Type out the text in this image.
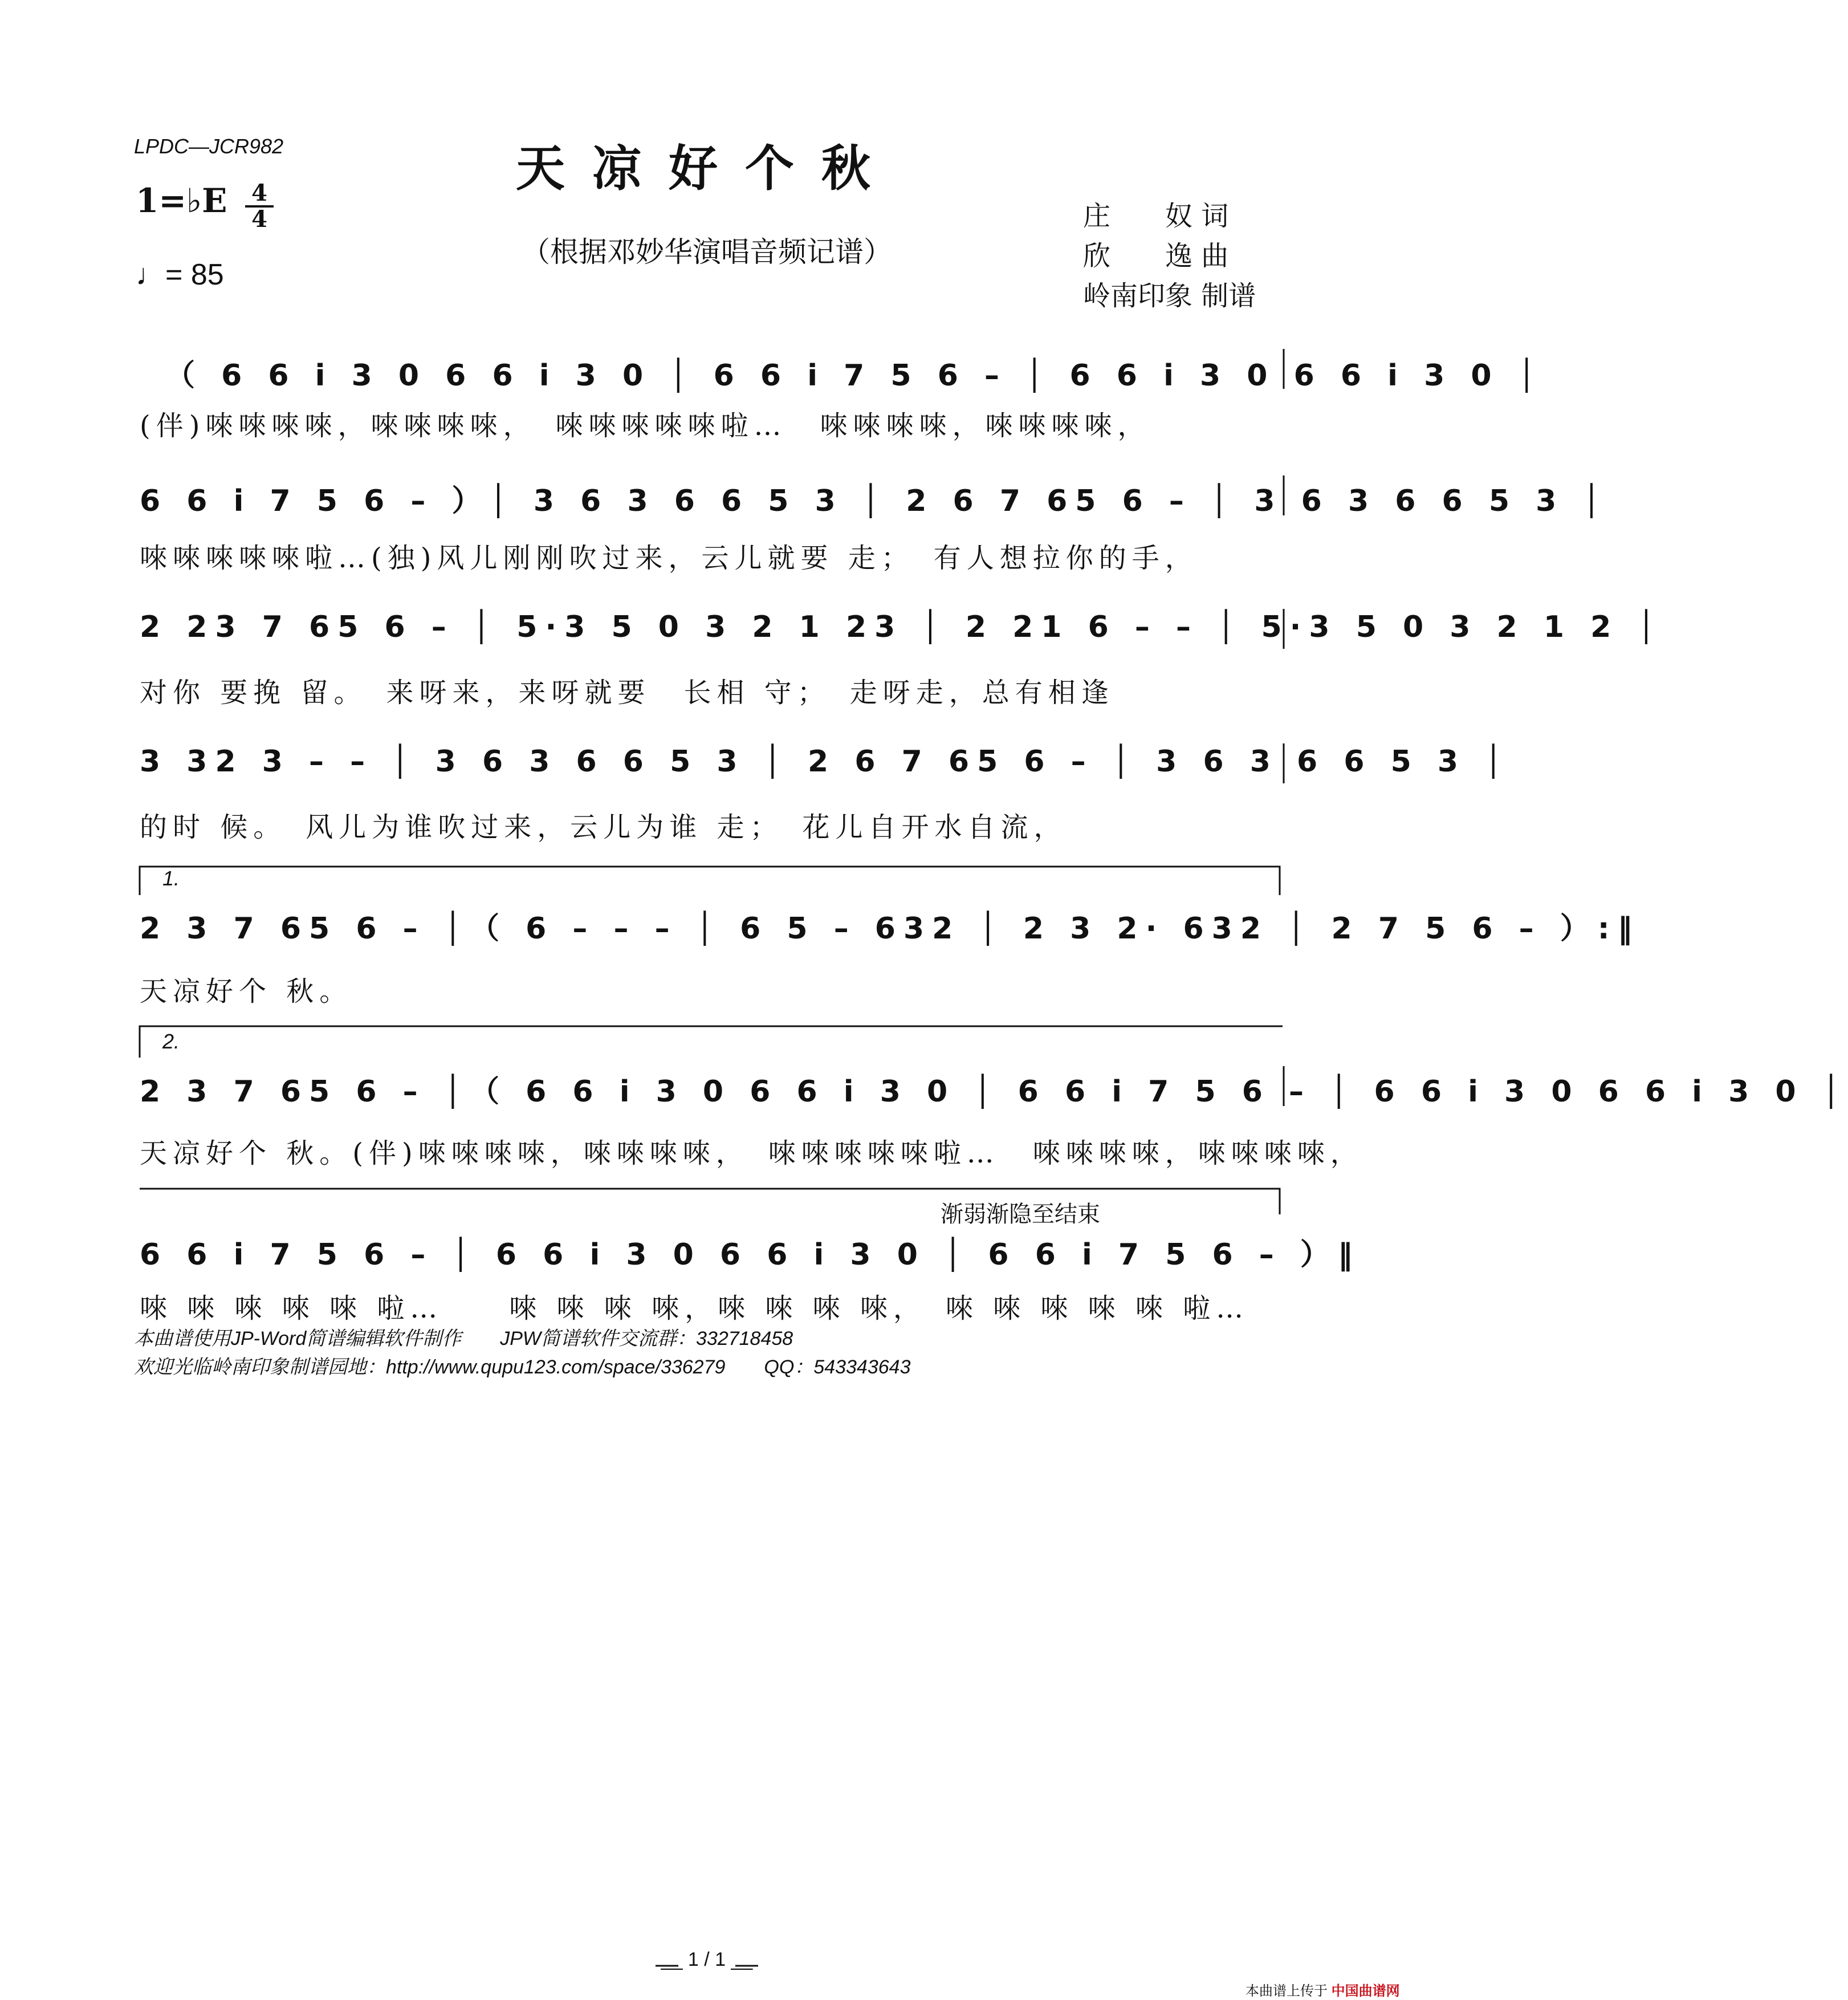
LPDC—JCR982	天凉好个秋
（根据邓妙华演唱音频记谱）
1=♭E 4
4
♩= 85
庄　　奴 词
欣　　逸 曲
岭南印象 制谱
（ 6 6 i 3 0 6 6 i 3 0 │ 6 6 i 7 5 6 – │ 6 6 i 3 0 6 6 i 3 0 │
(伴)唻唻唻唻，唻唻唻唻，　唻唻唻唻唻啦…　唻唻唻唻，唻唻唻唻，
6 6 i 7 5 6 – ）│ 3 6 3 6 6 5 3 │ 2 6 7 65 6 – │ 3 6 3 6 6 5 3 │
唻唻唻唻唻啦…(独)风儿刚刚吹过来，云儿就要 走；　有人想拉你的手，
2 23 7 65 6 – │ 5·3 5 0 3 2 1 23 │ 2 21 6 – – │ 5·3 5 0 3 2 1 2 │
对你 要挽 留。　来呀来，来呀就要　长相 守；　走呀走，总有相逢
3 32 3 – – │ 3 6 3 6 6 5 3 │ 2 6 7 65 6 – │ 3 6 3 6 6 5 3 │
的时 候。　风儿为谁吹过来，云儿为谁 走；　花儿自开水自流，
1.
2 3 7 65 6 – │（ 6 – – – │ 6 5 – 632 │ 2 3 2· 632 │ 2 7 5 6 – ）:‖
天凉好个 秋。
2.
2 3 7 65 6 – │（ 6 6 i 3 0 6 6 i 3 0 │ 6 6 i 7 5 6 – │ 6 6 i 3 0 6 6 i 3 0 │
天凉好个 秋。(伴)唻唻唻唻，唻唻唻唻，　唻唻唻唻唻啦…　唻唻唻唻，唻唻唻唻，
渐弱渐隐至结束
6 6 i 7 5 6 – │ 6 6 i 3 0 6 6 i 3 0 │ 6 6 i 7 5 6 – ）‖
唻 唻 唻 唻 唻 啦…　　唻 唻 唻 唻，唻 唻 唻 唻，　唻 唻 唻 唻 唻 啦…
本曲谱使用JP-Word简谱编辑软件制作　　JPW简谱软件交流群：332718458
欢迎光临岭南印象制谱园地：http://www.qupu123.com/space/336279　　QQ：543343643
__ 1 / 1 __
本曲谱上传于 中国曲谱网
